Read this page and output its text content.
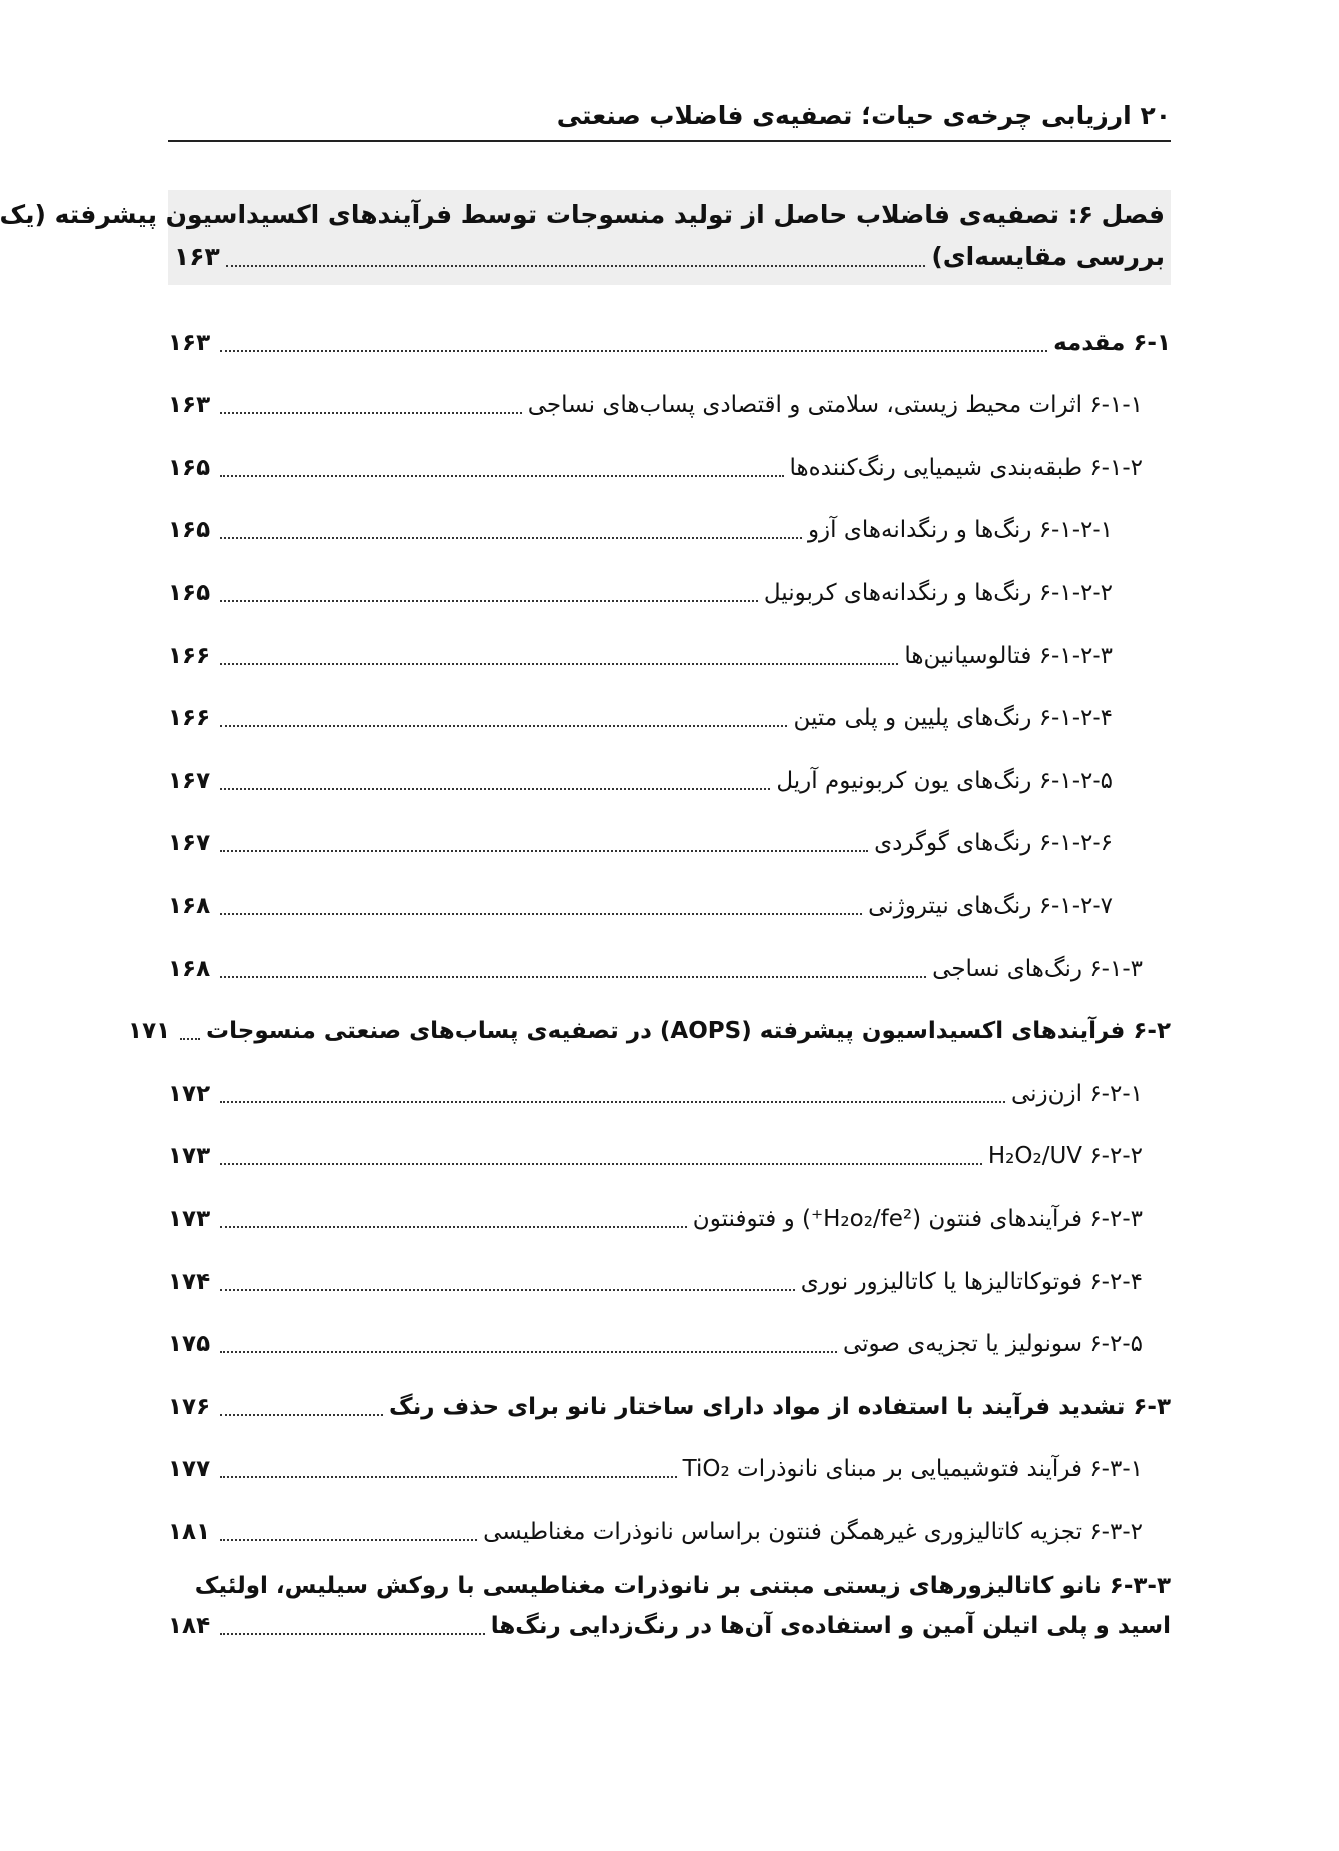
۲۰ ارزیابی چرخه‌ی حیات؛ تصفیه‌ی فاضلاب صنعتی
فصل ۶: تصفیه‌ی فاضلاب حاصل از تولید منسوجات توسط فرآیندهای اکسیداسیون پیشرفته (یک
بررسی مقایسه‌ای)
۱۶۳
۶-۱ مقدمه
۱۶۳
۶-۱-۱ اثرات محیط زیستی، سلامتی و اقتصادی پساب‌های نساجی
۱۶۳
۶-۱-۲ طبقه‌بندی شیمیایی رنگ‌کننده‌ها
۱۶۵
۶-۱-۲-۱ رنگ‌ها و رنگدانه‌های آزو
۱۶۵
۶-۱-۲-۲ رنگ‌ها و رنگدانه‌های کربونیل
۱۶۵
۶-۱-۲-۳ فتالوسیانین‌ها
۱۶۶
۶-۱-۲-۴ رنگ‌های پلیین و پلی متین
۱۶۶
۶-۱-۲-۵ رنگ‌های یون کربونیوم آریل
۱۶۷
۶-۱-۲-۶ رنگ‌های گوگردی
۱۶۷
۶-۱-۲-۷ رنگ‌های نیتروژنی
۱۶۸
۶-۱-۳ رنگ‌های نساجی
۱۶۸
۶-۲ فرآیندهای اکسیداسیون پیشرفته (AOPS) در تصفیه‌ی پساب‌های صنعتی منسوجات
۱۷۱
۶-۲-۱ ازن‌زنی
۱۷۲
۶-۲-۲ H₂O₂/UV
۱۷۳
۶-۲-۳ فرآیندهای فنتون (H₂o₂/fe²⁺) و فتوفنتون
۱۷۳
۶-۲-۴ فوتوکاتالیزها یا کاتالیزور نوری
۱۷۴
۶-۲-۵ سونولیز یا تجزیه‌ی صوتی
۱۷۵
۶-۳ تشدید فرآیند با استفاده از مواد دارای ساختار نانو برای حذف رنگ
۱۷۶
۶-۳-۱ فرآیند فتوشیمیایی بر مبنای نانوذرات TiO₂
۱۷۷
۶-۳-۲ تجزیه کاتالیزوری غیرهمگن فنتون براساس نانوذرات مغناطیسی
۱۸۱
۶-۳-۳ نانو کاتالیزورهای زیستی مبتنی بر نانوذرات مغناطیسی با روکش سیلیس، اولئیک
اسید و پلی اتیلن آمین و استفاده‌ی آن‌ها در رنگ‌زدایی رنگ‌ها
۱۸۴
